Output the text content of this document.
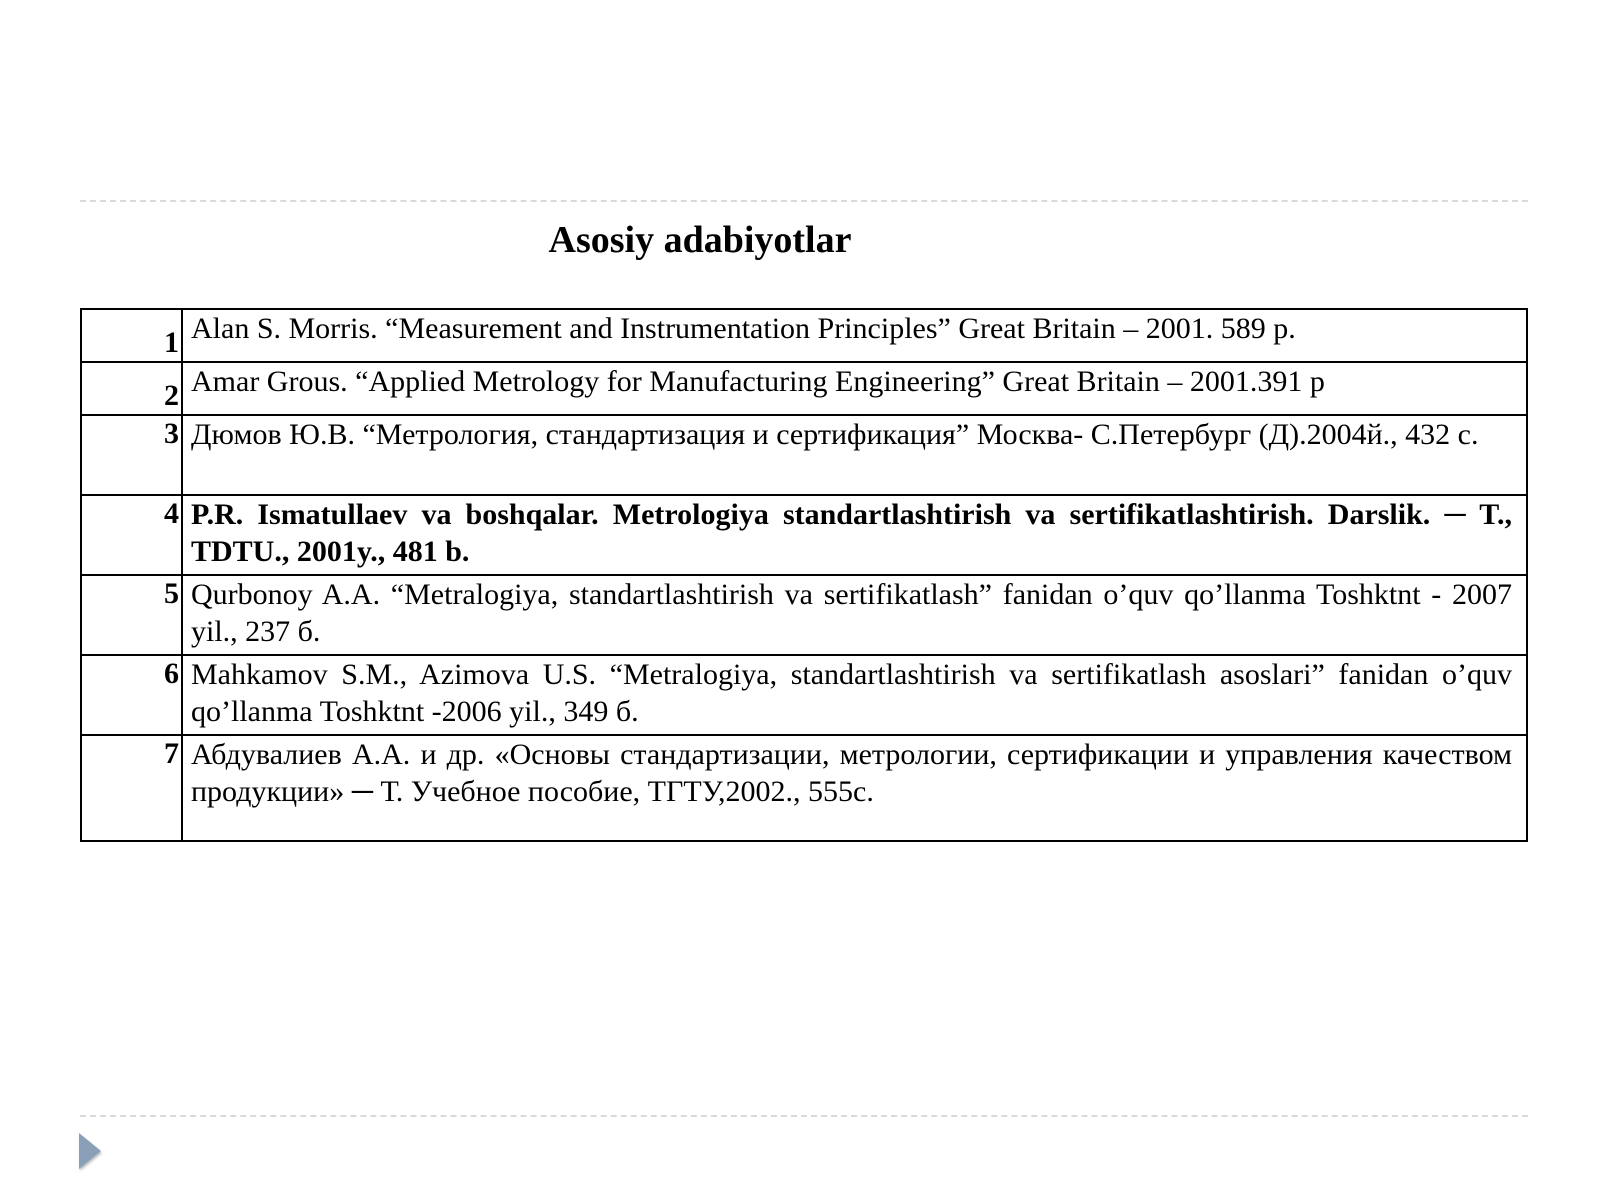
Asosiy adabiyotlar
1	Alan S. Morris. “Measurement and Instrumentation Principles” Great Britain – 2001. 589 p.
2	Amar Grous. “Applied Metrology for Manufacturing Engineering” Great Britain – 2001.391 p
3	Дюмов Ю.В. “Метрология, стандартизация и сертификация” Москва- С.Петербург (Д).2004й., 432 с.
4	P.R. Ismatullaev va boshqalar. Metrologiya standartlashtirish va sertifikatlashtirish. Darslik. ─ T., TDTU., 2001y., 481 b.
5	Qurbonoy A.A. “Metralogiya, standartlashtirish va sertifikatlash” fanidan o’quv qo’llanma Toshktnt - 2007 yil., 237 б.
6	Mahkamov S.M., Azimova U.S. “Metralogiya, standartlashtirish va sertifikatlash asoslari” fanidan o’quv qo’llanma Toshktnt -2006 yil., 349 б.
7	Абдувалиев А.А. и др. «Основы стандартизации, метрологии, сертификации и управления качеством продукции» ─ Т. Учебное пособие, ТГТУ,2002., 555с.
